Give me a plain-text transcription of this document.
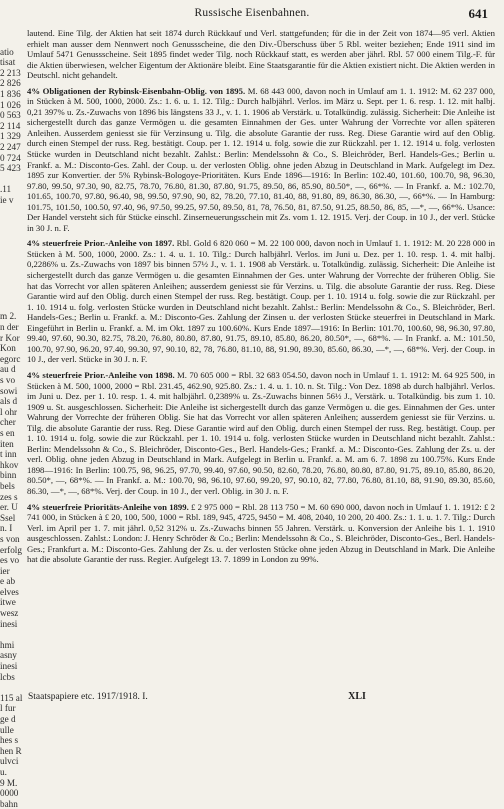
Russische Eisenbahnen.	641

atio
tisat
2 213
2 826
1 836
1 026
0 563
2 114
1 329
2 247
0 724
5 423

.11
ie v

m 2.
n der
r Kor
Kon
egorc
au d
s vo
sowi
als d
l ohr
cher
s en
iten
t inn
hkov
binn
bels
zes s
er. U
Ssel
n. I
s von
erfolg
es vo
ier
e ab
elves
itwe
wesz
inesi

hmi
asny
inesi
lcbs

115 al
l fur
ge d
ulle
hes s
hen R
ulvci
u.
9 M.
0000
bahn

lautend. Eine Tilg. der Aktien hat seit 1874 durch Rückkauf und Verl. stattgefunden; für die in der Zeit von 1874—95 verl. Aktien erhielt man ausser dem Nennwert noch Genussscheine, die den Div.-Überschuss über 5 Rbl. weiter beziehen; Ende 1911 sind im Umlauf 5471 Genussscheine. Seit 1895 findet weder Tilg. noch Rückkauf statt, es werden aber jährl. Rbl. 57 000 einem Tilg.-F. für die Aktien überwiesen, welcher Eigentum der Aktionäre bleibt. Eine Staatsgarantie für die Aktien existiert nicht. Die Aktien werden in Deutschl. nicht gehandelt.

4% Obligationen der Rybinsk-Eisenbahn-Oblig. von 1895. M. 68 443 000, davon noch in Umlauf am 1. 1. 1912: M. 62 237 000, in Stücken à M. 500, 1000, 2000. Zs.: 1. 6. u. 1. 12. Tilg.: Durch halbjährl. Verlos. im März u. Sept. per 1. 6. resp. 1. 12. mit halbj. 0,21 397% u. Zs.-Zuwachs von 1896 bis längstens 33 J., v. 1. 1. 1906 ab Verstärk. u. Totalkündig. zulässig. Sicherheit: Die Anleihe ist sichergestellt durch das ganze Vermögen u. die gesamten Einnahmen der Ges. unter Wahrung der Vorrechte vor allen späteren Anleihen. Ausserdem geniesst sie für Verzinsung u. Tilg. die absolute Garantie der russ. Reg. Diese Garantie wird auf den Oblig. durch einen Stempel der russ. Reg. bestätigt. Coup. per 1. 12. 1914 u. folg. sowie die zur Rückzahl. per 1. 12. 1914 u. folg. verlosten Stücke wurden in Deutschland nicht bezahlt. Zahlst.: Berlin: Mendelssohn & Co., S. Bleichröder, Berl. Handels-Ges.; Berlin u. Frankf. a. M.: Disconto-Ges. Zahl. der Coup. u. der verlosten Oblig. ohne jeden Abzug in Deutschland in Mark. Aufgelegt im Dez. 1895 zur Konvertier. der 5% Rybinsk-Bologoye-Prioritäten. Kurs Ende 1896—1916: In Berlin: 102.40, 101.60, 100.70, 98, 96.30, 97.80, 99.50, 97.30, 90, 82.75, 78.70, 76.80, 81.30, 87.80, 91.75, 89.50, 86, 85.90, 80.50*, —, 66*%. — In Frankf. a. M.: 102.70, 101.65, 100.70, 97.80, 96.40, 98, 99.50, 97.90, 90, 82, 78.20, 77.10, 81.40, 88, 91.80, 89, 86.30, 86.30, —, 66*%. — In Hamburg: 101.75, 101.50, 100.50, 97.40, 96, 97.50, 99.25, 97.50, 89.50, 81, 78, 76.50, 81, 87.50, 91.25, 88.50, 86, 85, —*, —, 66*%. Usance: Der Handel versteht sich für Stücke einschl. Zinserneuerungsschein mit Zs. vom 1. 12. 1915. Verj. der Coup. in 10 J., der verl. Stücke in 30 J. n. F.

4% steuerfreie Prior.-Anleihe von 1897. Rbl. Gold 6 820 060 = M. 22 100 000, davon noch in Umlauf 1. 1. 1912: M. 20 228 000 in Stücken à M. 500, 1000, 2000. Zs.: 1. 4. u. 1. 10. Tilg.: Durch halbjährl. Verlos. im Juni u. Dez. per 1. 10. resp. 1. 4. mit halbj. 0,2286% u. Zs.-Zuwachs von 1897 bis binnen 57½ J., v. 1. 1. 1908 ab Verstärk. u. Totalkündig. zulässig. Sicherheit: Die Anleihe ist sichergestellt durch das ganze Vermögen u. die gesamten Einnahmen der Ges. unter Wahrung der Vorrechte der früheren Oblig. Sie hat das Vorrecht vor allen späteren Anleihen; ausserdem geniesst sie für Verzins. u. Tilg. die absolute Garantie der russ. Reg. Diese Garantie wird auf den Oblig. durch einen Stempel der russ. Reg. bestätigt. Coup. per 1. 10. 1914 u. folg. sowie die zur Rückzahl. per 1. 10. 1914 u. folg. verlosten Stücke wurden in Deutschland nicht bezahlt. Zahlst.: Berlin: Mendelssohn & Co., S. Bleichröder, Berl. Handels-Ges.; Berlin u. Frankf. a. M.: Disconto-Ges. Zahlung der Zinsen u. der verlosten Stücke steuerfrei in Deutschland in Mark. Eingeführt in Berlin u. Frankf. a. M. im Okt. 1897 zu 100.60%. Kurs Ende 1897—1916: In Berlin: 101.70, 100.60, 98, 96.30, 97.80, 99.40, 97.60, 90.30, 82.75, 78.20, 76.80, 80.80, 87.80, 91.75, 89.10, 85.80, 86.20, 80.50*, —, 68*%. — In Frankf. a. M.: 101.50, 100.70, 97.90, 96.20, 97.40, 99.30, 97, 90.10, 82, 78, 76.80, 81.10, 88, 91.90, 89.30, 85.60, 86.30, —*, —, 68*%. Verj. der Coup. in 10 J., der verl. Stücke in 30 J. n. F.

4% steuerfreie Prior.-Anleihe von 1898. M. 70 605 000 = Rbl. 32 683 054.50, davon noch in Umlauf 1. 1. 1912: M. 64 925 500, in Stücken à M. 500, 1000, 2000 = Rbl. 231.45, 462.90, 925.80. Zs.: 1. 4. u. 1. 10. n. St. Tilg.: Von Dez. 1898 ab durch halbjährl. Verlos. im Juni u. Dez. per 1. 10. resp. 1. 4. mit halbjährl. 0,2389% u. Zs.-Zuwachs binnen 56½ J., Verstärk. u. Totalkündig. bis zum 1. 10. 1909 u. St. ausgeschlossen. Sicherheit: Die Anleihe ist sichergestellt durch das ganze Vermögen u. die ges. Einnahmen der Ges. unter Wahrung der Vorrechte der früheren Oblig. Sie hat das Vorrecht vor allen späteren Anleihen; ausserdem geniesst sie für Verzins. u. Tilg. die absolute Garantie der russ. Reg. Diese Garantie wird auf den Oblig. durch einen Stempel der russ. Reg. bestätigt. Coup. per 1. 10. 1914 u. folg. sowie die zur Rückzahl. per 1. 10. 1914 u. folg. verlosten Stücke wurden in Deutschland nicht bezahlt. Zahlst.: Berlin: Mendelssohn & Co., S. Bleichröder, Disconto-Ges., Berl. Handels-Ges.; Frankf. a. M.: Disconto-Ges. Zahlung der Zs. u. der verl. Oblig. ohne jeden Abzug in Deutschland in Mark. Aufgelegt in Berlin u. Frankf. a. M. am 6. 7. 1898 zu 100.75%. Kurs Ende 1898—1916: In Berlin: 100.75, 98, 96.25, 97.70, 99.40, 97.60, 90.50, 82.60, 78.20, 76.80, 80.80, 87.80, 91.75, 89.10, 85.80, 86.20, 80.50*, —, 68*%. — In Frankf. a. M.: 100.70, 98, 96.10, 97.60, 99.20, 97, 90.10, 82, 77.80, 76.80, 81.10, 88, 91.90, 89.30, 85.60, 86.30, —*, —, 68*%. Verj. der Coup. in 10 J., der verl. Oblig. in 30 J. n. F.

4% steuerfreie Prioritäts-Anleihe von 1899. £ 2 975 000 = Rbl. 28 113 750 = M. 60 690 000, davon noch in Umlauf 1. 1. 1912: £ 2 741 000, in Stücken à £ 20, 100, 500, 1000 = Rbl. 189, 945, 4725, 9450 = M. 408, 2040, 10 200, 20 400. Zs.: 1. 1. u. 1. 7. Tilg.: Durch Verl. im April per 1. 7. mit jährl. 0,52 312% u. Zs.-Zuwachs binnen 55 Jahren. Verstärk. u. Konversion der Anleihe bis 1. 1. 1910 ausgeschlossen. Zahlst.: London: J. Henry Schröder & Co.; Berlin: Mendelssohn & Co., S. Bleichröder, Disconto-Ges., Berl. Handels-Ges.; Frankfurt a. M.: Disconto-Ges. Zahlung der Zs. u. der verlosten Stücke ohne jeden Abzug in Deutschland in Mark. Die Anleihe hat die absolute Garantie der russ. Regier. Aufgelegt 13. 7. 1899 in London zu 99%.

Staatspapiere etc. 1917/1918. I.	XLI
